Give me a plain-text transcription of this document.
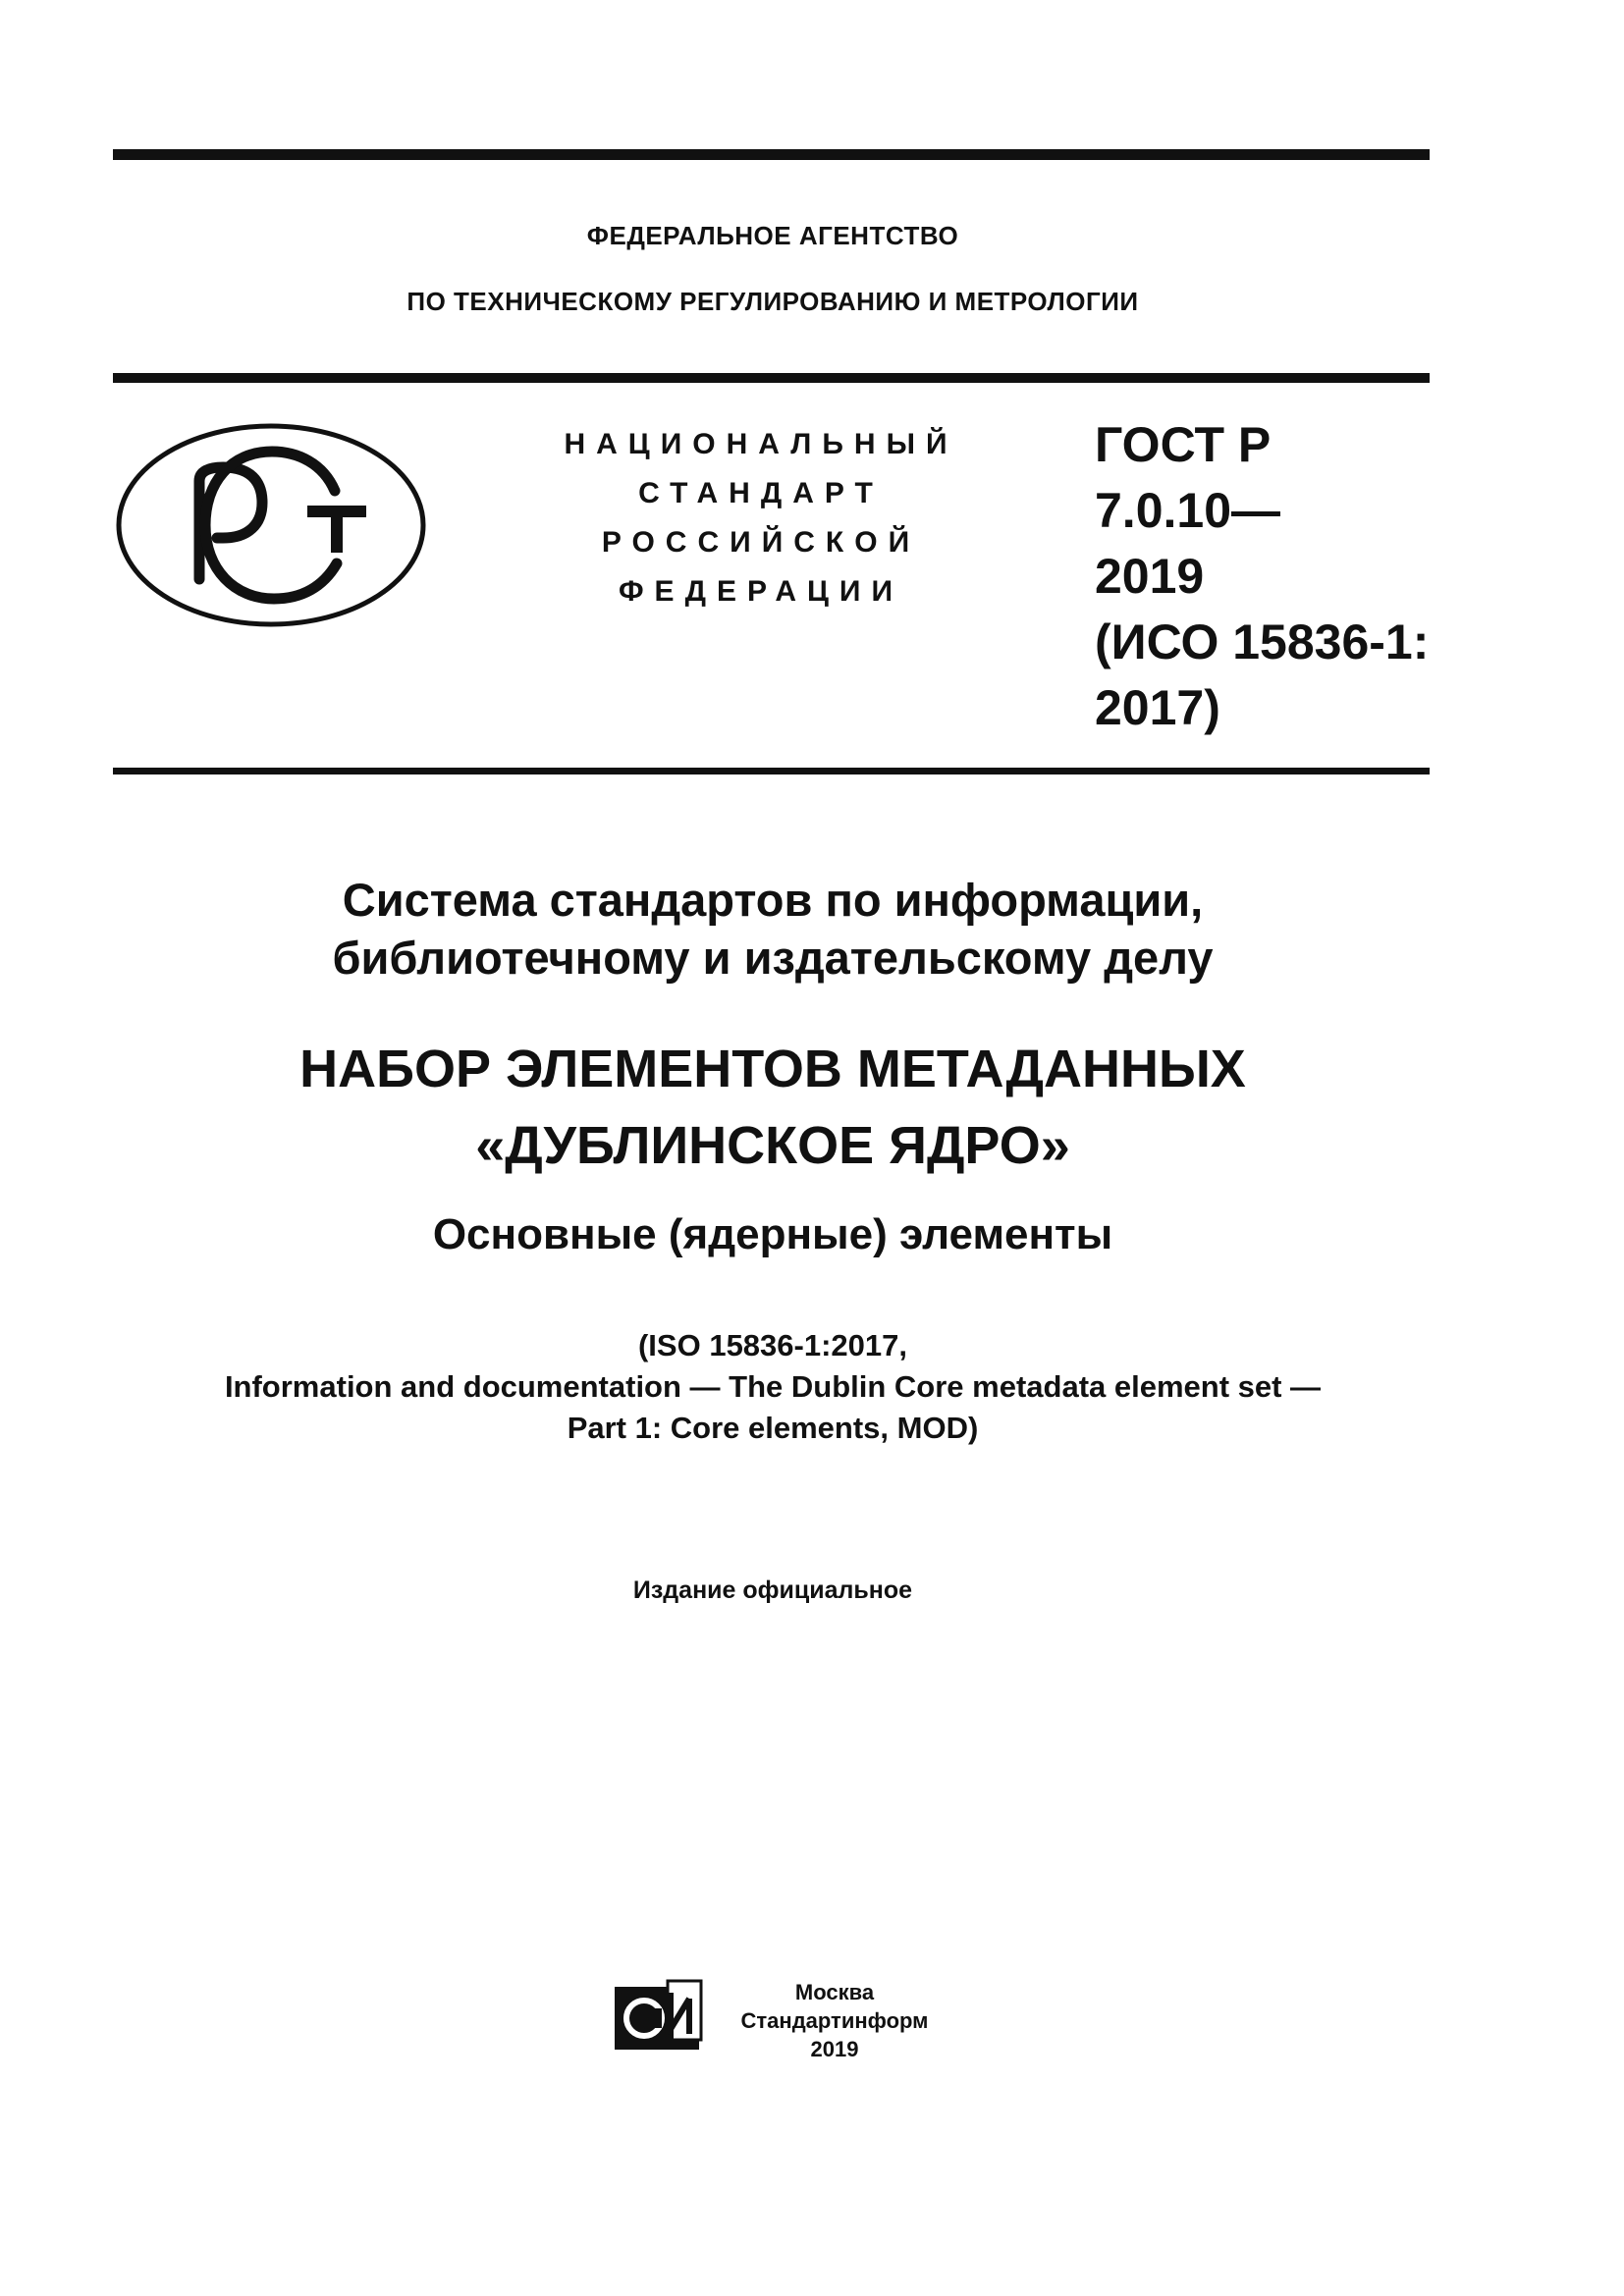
ФЕДЕРАЛЬНОЕ АГЕНТСТВО
ПО ТЕХНИЧЕСКОМУ РЕГУЛИРОВАНИЮ И МЕТРОЛОГИИ
НАЦИОНАЛЬНЫЙ
СТАНДАРТ
РОССИЙСКОЙ
ФЕДЕРАЦИИ
ГОСТ Р
7.0.10—
2019
(ИСО 15836-1:
2017)
Система стандартов по информации,
библиотечному и издательскому делу
НАБОР ЭЛЕМЕНТОВ МЕТАДАННЫХ
«ДУБЛИНСКОЕ ЯДРО»
Основные (ядерные) элементы
(ISO 15836-1:2017,
Information and documentation — The Dublin Core metadata element set —
Part 1: Core elements, MOD)
Издание официальное
Москва
Стандартинформ
2019
